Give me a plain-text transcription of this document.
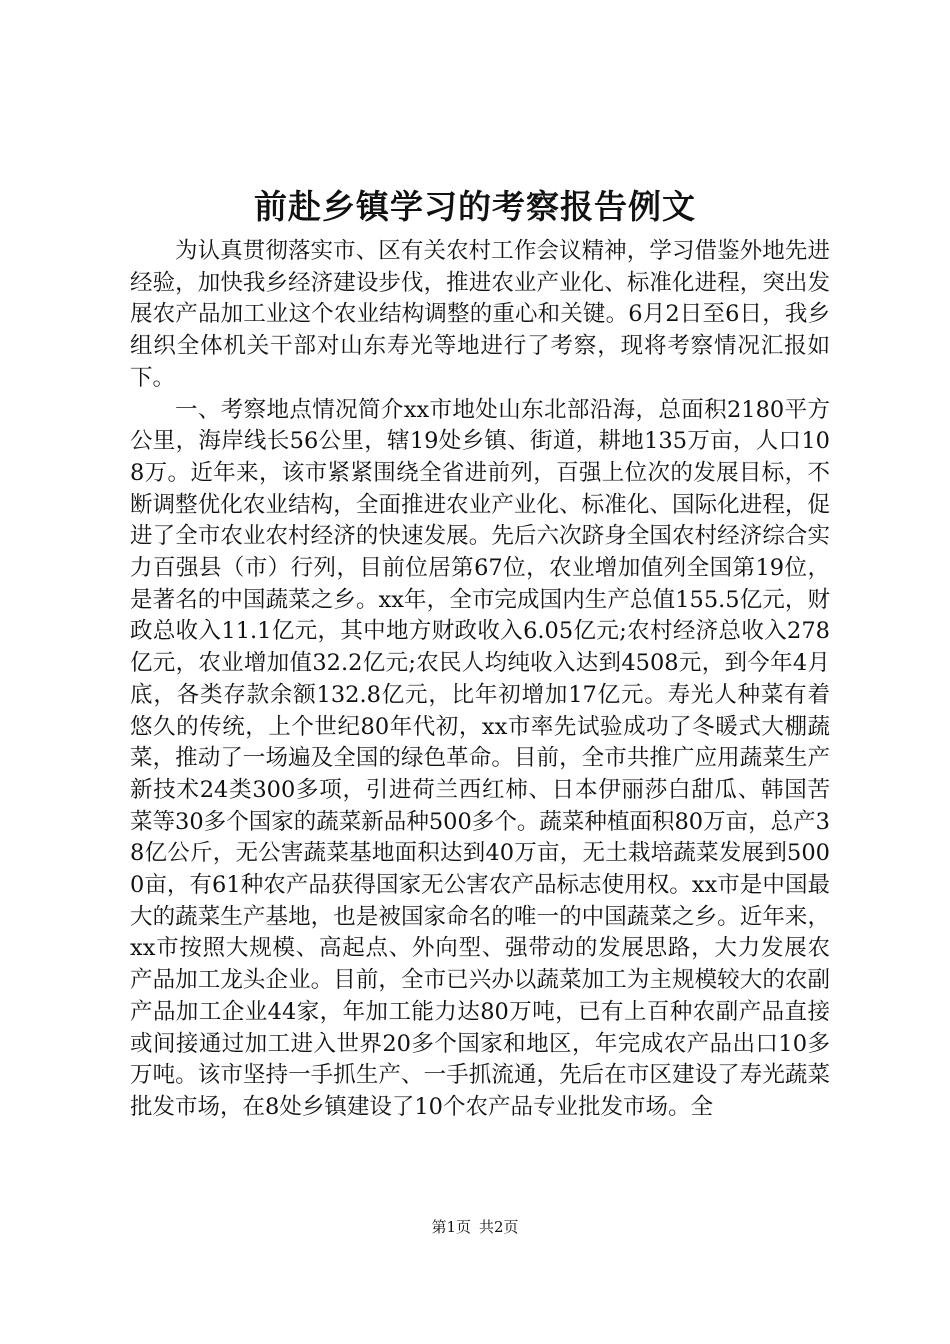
前赴乡镇学习的考察报告例文

为认真贯彻落实市、区有关农村工作会议精神，学习借鉴外地先进经验，加快我乡经济建设步伐，推进农业产业化、标准化进程，突出发展农产品加工业这个农业结构调整的重心和关键。6月2日至6日，我乡组织全体机关干部对山东寿光等地进行了考察，现将考察情况汇报如下。

一、考察地点情况简介xx市地处山东北部沿海，总面积2180平方公里，海岸线长56公里，辖19处乡镇、街道，耕地135万亩，人口108万。近年来，该市紧紧围绕全省进前列，百强上位次的发展目标，不断调整优化农业结构，全面推进农业产业化、标准化、国际化进程，促进了全市农业农村经济的快速发展。先后六次跻身全国农村经济综合实力百强县（市）行列，目前位居第67位，农业增加值列全国第19位，是著名的中国蔬菜之乡。xx年，全市完成国内生产总值155.5亿元，财政总收入11.1亿元，其中地方财政收入6.05亿元;农村经济总收入278亿元，农业增加值32.2亿元;农民人均纯收入达到4508元，到今年4月底，各类存款余额132.8亿元，比年初增加17亿元。寿光人种菜有着悠久的传统，上个世纪80年代初，xx市率先试验成功了冬暖式大棚蔬菜，推动了一场遍及全国的绿色革命。目前，全市共推广应用蔬菜生产新技术24类300多项，引进荷兰西红柿、日本伊丽莎白甜瓜、韩国苦菜等30多个国家的蔬菜新品种500多个。蔬菜种植面积80万亩，总产38亿公斤，无公害蔬菜基地面积达到40万亩，无土栽培蔬菜发展到5000亩，有61种农产品获得国家无公害农产品标志使用权。xx市是中国最大的蔬菜生产基地，也是被国家命名的唯一的中国蔬菜之乡。近年来，xx市按照大规模、高起点、外向型、强带动的发展思路，大力发展农产品加工龙头企业。目前，全市已兴办以蔬菜加工为主规模较大的农副产品加工企业44家，年加工能力达80万吨，已有上百种农副产品直接或间接通过加工进入世界20多个国家和地区，年完成农产品出口10多万吨。该市坚持一手抓生产、一手抓流通，先后在市区建设了寿光蔬菜批发市场，在8处乡镇建设了10个农产品专业批发市场。全

第1页 共2页
